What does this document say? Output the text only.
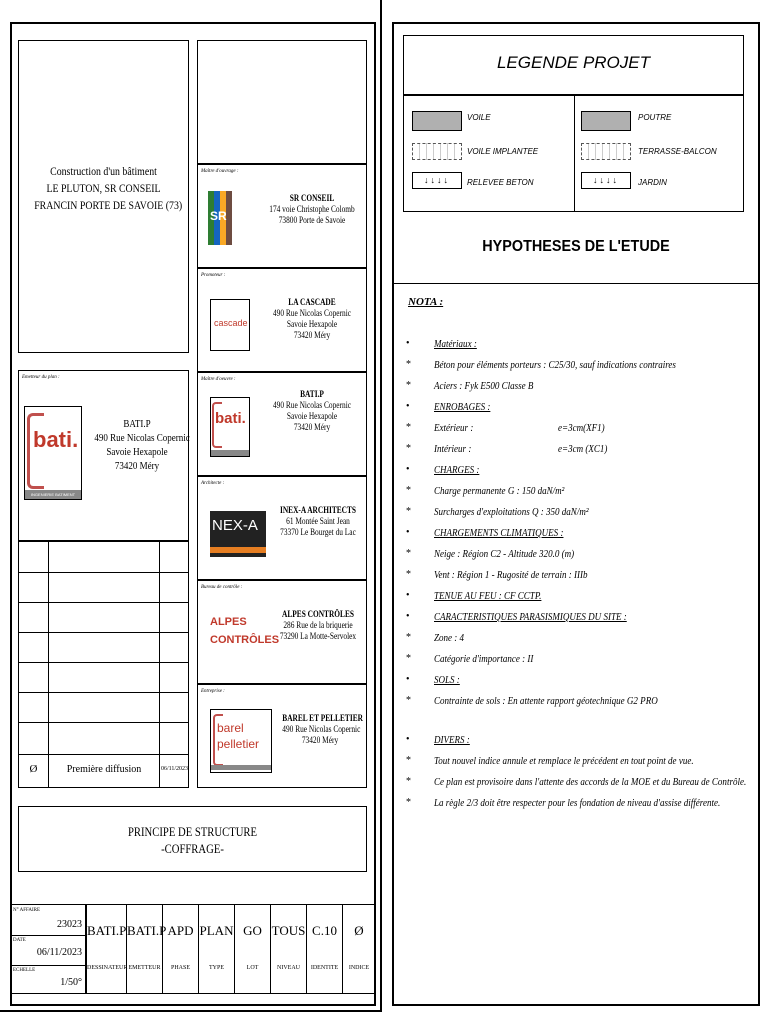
Construction d'un bâtiment
LE PLUTON, SR CONSEIL
FRANCIN PORTE DE SAVOIE (73)
Emetteur du plan :
bati.
INGENIERIE BATIMENT
BATI.P
490 Rue Nicolas Copernic
Savoie Hexapole
73420 Méry
Ø	Première diffusion	06/11/2023
Maître d'ouvrage :
SR
SR CONSEIL
174 voie Christophe Colomb
73800 Porte de Savoie
Promoteur :
cascade
LA CASCADE
490 Rue Nicolas Copernic
Savoie Hexapole
73420 Méry
Maître d'oeuvre :
bati.
BATI.P
490 Rue Nicolas Copernic
Savoie Hexapole
73420 Méry
Architecte :
NEX-A
INEX-A ARCHITECTS
61 Montée Saint Jean
73370 Le Bourget du Lac
Bureau de contrôle :
ALPES CONTRÔLES
ALPES CONTRÔLES
286 Rue de la briquerie
73290 La Motte-Servolex
Entreprise :
barel pelletier
BAREL ET PELLETIER
490 Rue Nicolas Copernic
73420 Méry
PRINCIPE DE STRUCTURE
-COFFRAGE-
N° AFFAIRE
23023
DATE
06/11/2023
ECHELLE
1/50°
BATI.P
DESSINATEUR
BATI.P
EMETTEUR
APD
PHASE
PLAN
TYPE
GO
LOT
TOUS
NIVEAU
C.10
IDENTITE
Ø
INDICE
LEGENDE PROJET
VOILE
VOILE IMPLANTEE
↓↓↓↓	RELEVEE BETON
POUTRE
TERRASSE-BALCON
↓↓↓↓	JARDIN
HYPOTHESES DE L'ETUDE
NOTA :
• Matériaux :
* Béton pour éléments porteurs : C25/30, sauf indications contraires
* Aciers : Fyk E500 Classe B
• ENROBAGES :
* Extérieur :	e=3cm(XF1)
* Intérieur :	e=3cm (XC1)
• CHARGES :
* Charge permanente G : 150 daN/m²
* Surcharges d'exploitations Q : 350 daN/m²
• CHARGEMENTS CLIMATIQUES :
* Neige : Région C2 - Altitude 320.0 (m)
* Vent : Région 1 - Rugosité de terrain : IIIb
• TENUE AU FEU : CF CCTP.
• CARACTERISTIQUES PARASISMIQUES DU SITE :
* Zone : 4
* Catégorie d'importance : II
• SOLS :
* Contrainte de sols : En attente rapport géotechnique G2 PRO
• DIVERS :
* Tout nouvel indice annule et remplace le précédent en tout point de vue.
* Ce plan est provisoire dans l'attente des accords de la MOE et du Bureau de Contrôle.
* La règle 2/3 doit être respecter pour les fondation de niveau d'assise différente.
